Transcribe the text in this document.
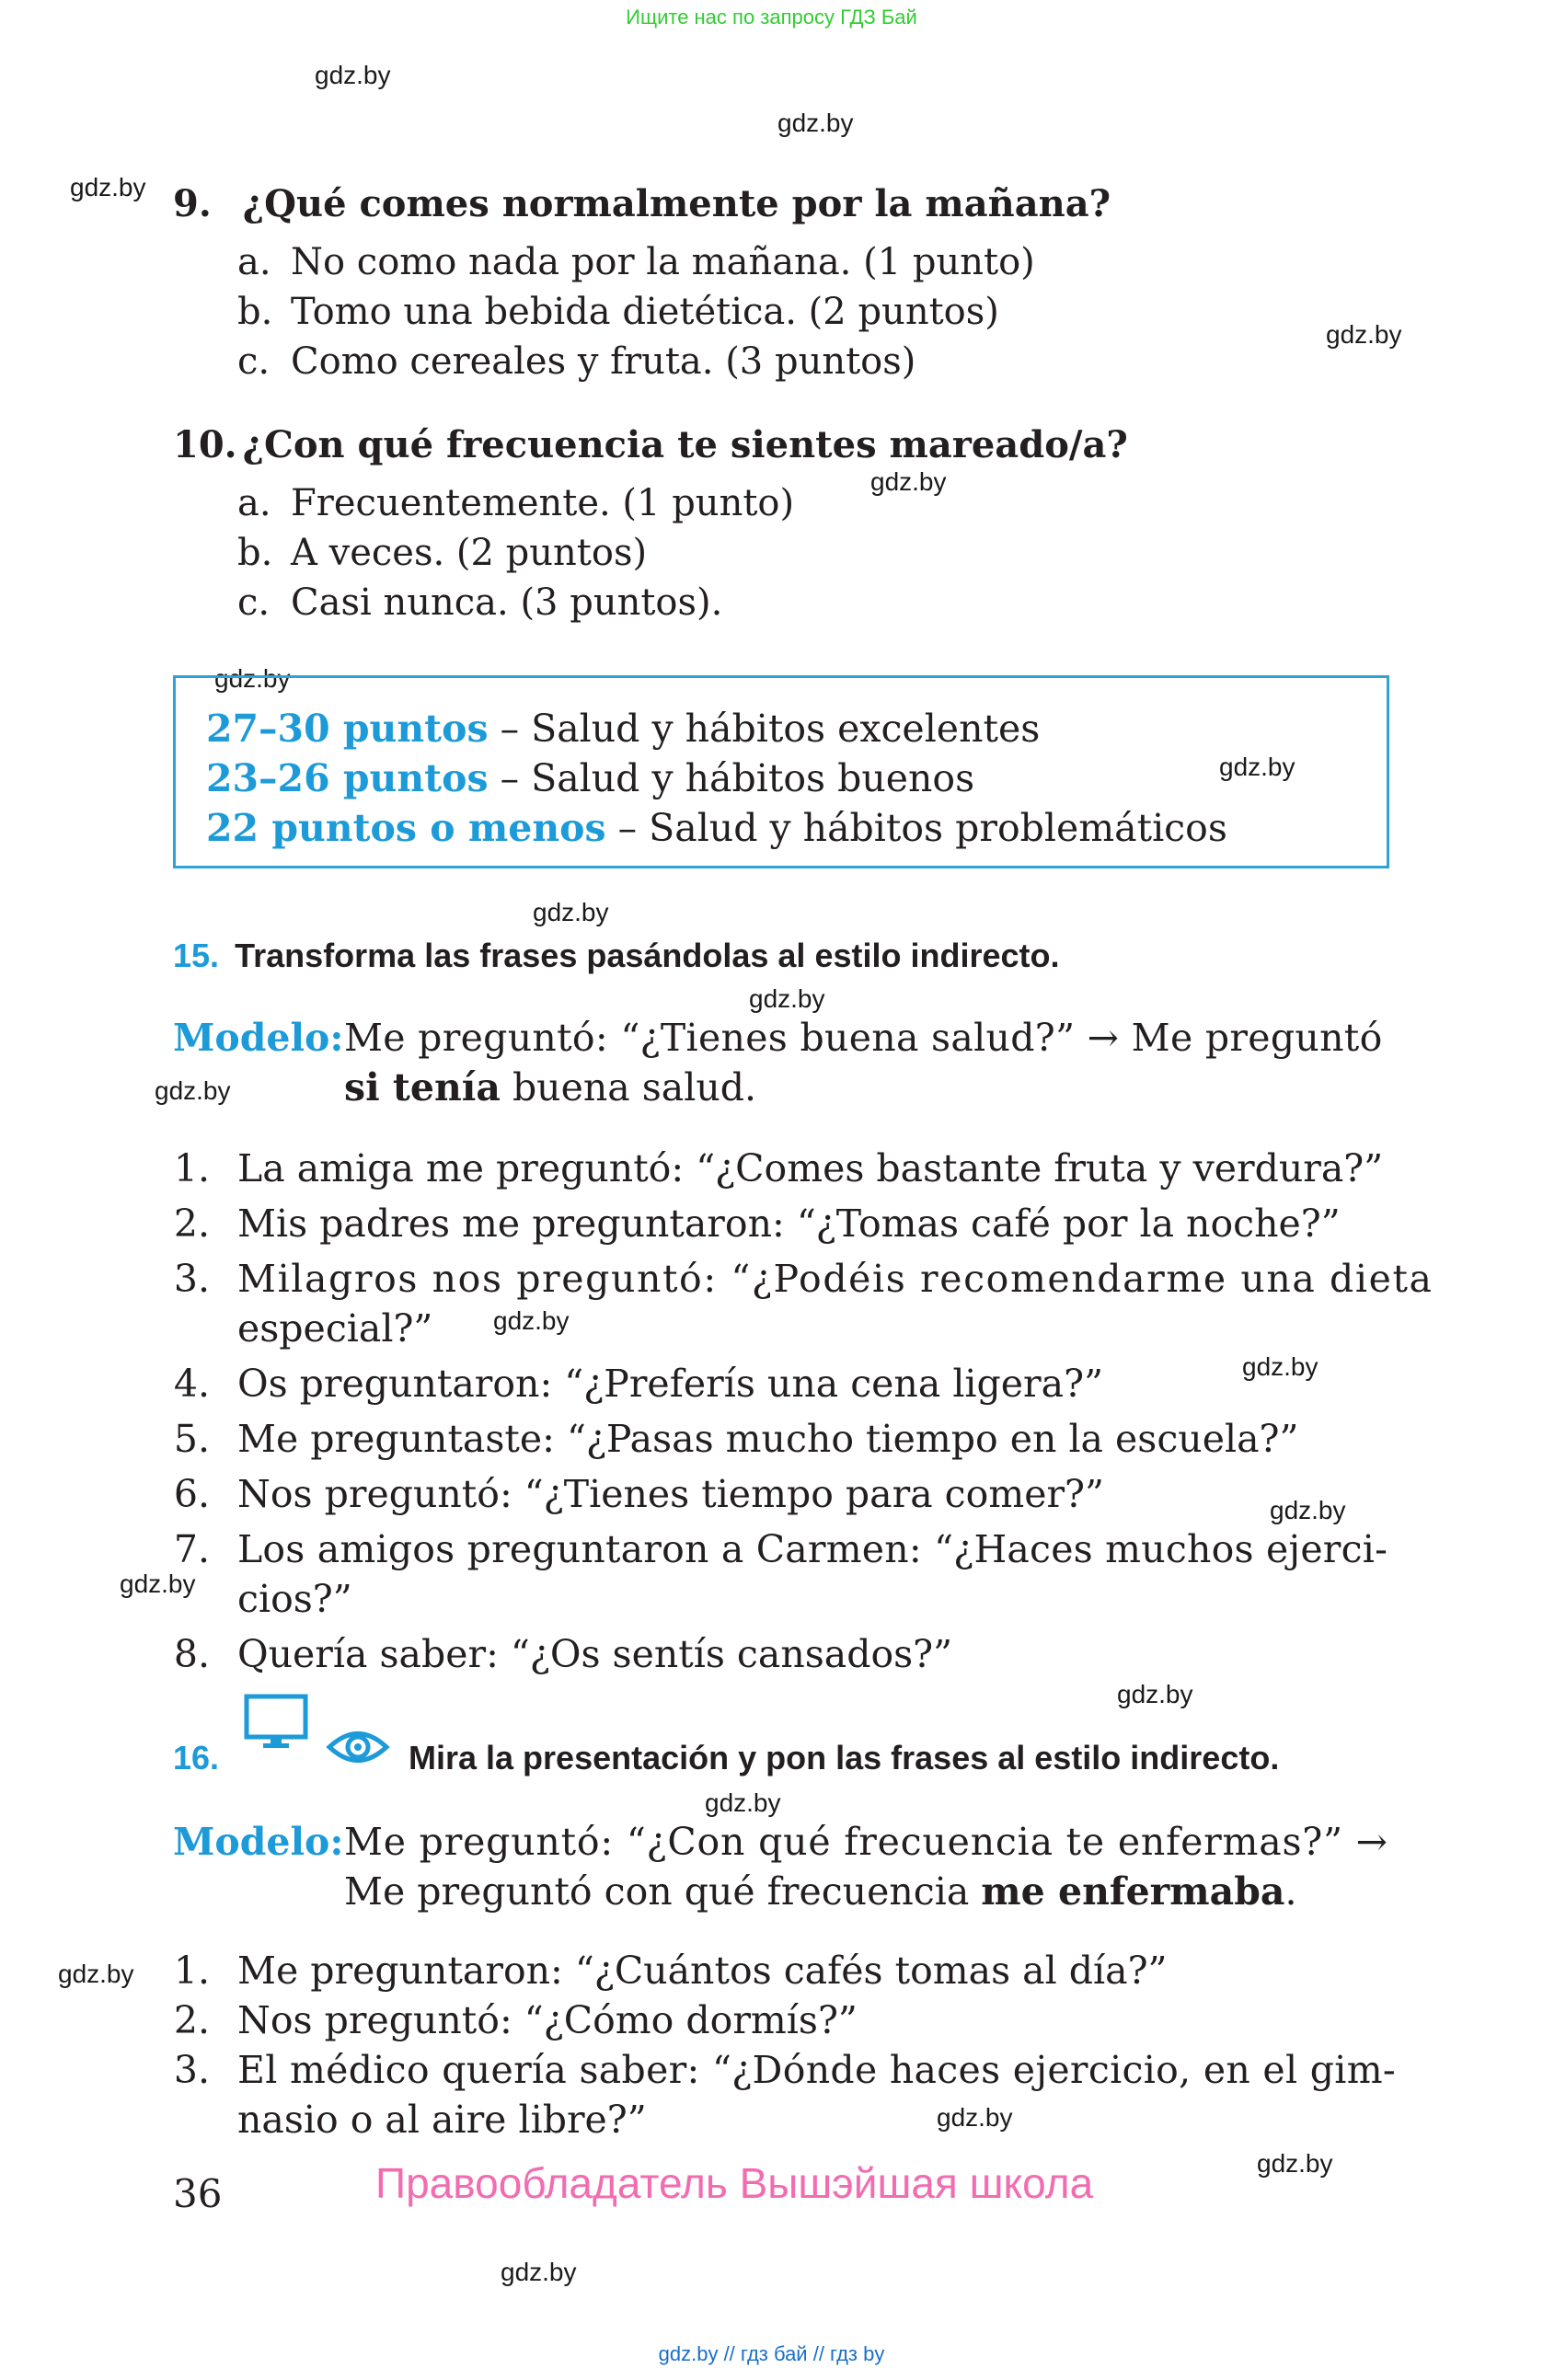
Ищите нас по запросу ГДЗ Бай
gdz.by
gdz.by
gdz.by
gdz.by
gdz.by
gdz.by
gdz.by
gdz.by
gdz.by
gdz.by
gdz.by
gdz.by
gdz.by
gdz.by
gdz.by
gdz.by
gdz.by
gdz.by
gdz.by
gdz.by
9. ¿Qué comes normalmente por la mañana?
a. No como nada por la mañana. (1 punto)
b. Tomo una bebida dietética. (2 puntos)
c. Como cereales y fruta. (3 puntos)
10. ¿Con qué frecuencia te sientes mareado/a?
a. Frecuentemente. (1 punto)
b. A veces. (2 puntos)
c. Casi nunca. (3 puntos).
27–30 puntos – Salud y hábitos excelentes
23–26 puntos – Salud y hábitos buenos
22 puntos o menos – Salud y hábitos problemáticos
15. Transforma las frases pasándolas al estilo indirecto.
Modelo: Me preguntó: “¿Tienes buena salud?” → Me preguntó
si tenía buena salud.
1. La amiga me preguntó: “¿Comes bastante fruta y verdura?”
2. Mis padres me preguntaron: “¿Tomas café por la noche?”
3. Milagros nos preguntó: “¿Podéis recomendarme una dieta
especial?”
4. Os preguntaron: “¿Preferís una cena ligera?”
5. Me preguntaste: “¿Pasas mucho tiempo en la escuela?”
6. Nos preguntó: “¿Tienes tiempo para comer?”
7. Los amigos preguntaron a Carmen: “¿Haces muchos ejerci-
cios?”
8. Quería saber: “¿Os sentís cansados?”
16.	Mira la presentación y pon las frases al estilo indirecto.
Modelo: Me preguntó: “¿Con qué frecuencia te enfermas?” →
Me preguntó con qué frecuencia me enfermaba.
1. Me preguntaron: “¿Cuántos cafés tomas al día?”
2. Nos preguntó: “¿Cómo dormís?”
3. El médico quería saber: “¿Dónde haces ejercicio, en el gim-
nasio o al aire libre?”
36	Правообладатель Вышэйшая школа
gdz.by // гдз бай // гдз by
